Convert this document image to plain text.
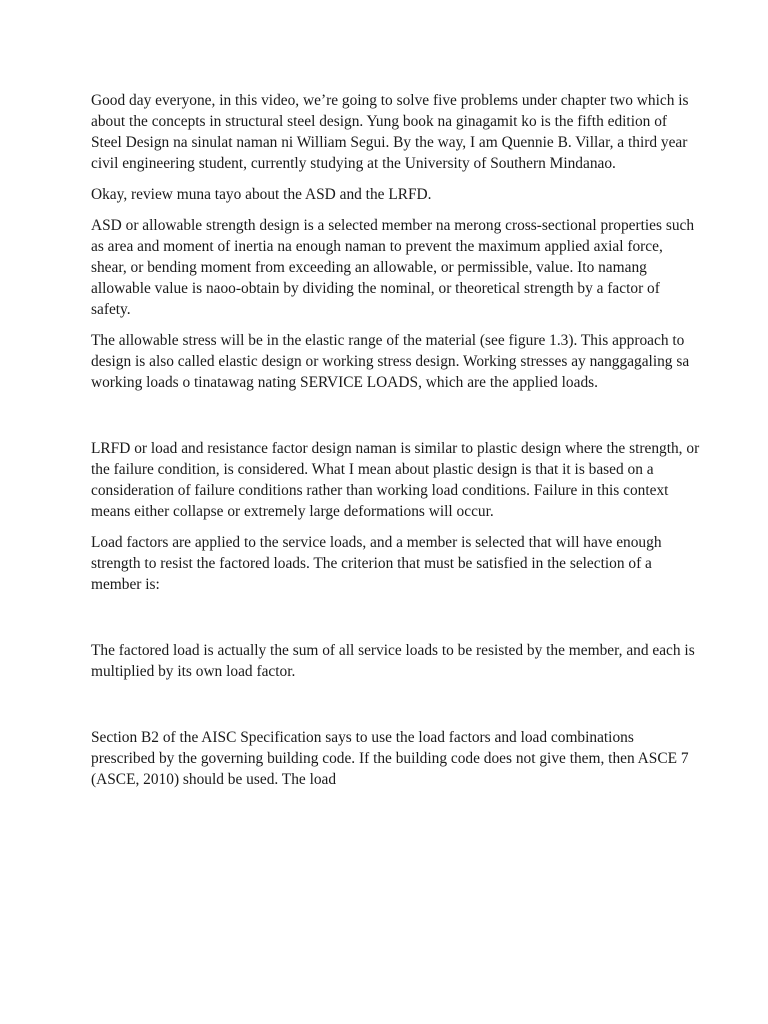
Good day everyone, in this video, we’re going to solve five problems under chapter two which is about the concepts in structural steel design. Yung book na ginagamit ko is the fifth edition of Steel Design na sinulat naman ni William Segui. By the way, I am Quennie B. Villar, a third year civil engineering student, currently studying at the University of Southern Mindanao.

Okay, review muna tayo about the ASD and the LRFD.

ASD or allowable strength design is a selected member na merong cross-sectional properties such as area and moment of inertia na enough naman to prevent the maximum applied axial force, shear, or bending moment from exceeding an allowable, or permissible, value. Ito namang allowable value is naoo-obtain by dividing the nominal, or theoretical strength by a factor of safety.

The allowable stress will be in the elastic range of the material (see figure 1.3). This approach to design is also called elastic design or working stress design. Working stresses ay nanggagaling sa working loads o tinatawag nating SERVICE LOADS, which are the applied loads.

LRFD or load and resistance factor design naman is similar to plastic design where the strength, or the failure condition, is considered. What I mean about plastic design is that it is based on a consideration of failure conditions rather than working load conditions. Failure in this context means either collapse or extremely large deformations will occur.

Load factors are applied to the service loads, and a member is selected that will have enough strength to resist the factored loads. The criterion that must be satisfied in the selection of a member is:

The factored load is actually the sum of all service loads to be resisted by the member, and each is multiplied by its own load factor.

Section B2 of the AISC Specification says to use the load factors and load combinations prescribed by the governing building code. If the building code does not give them, then ASCE 7 (ASCE, 2010) should be used. The load
